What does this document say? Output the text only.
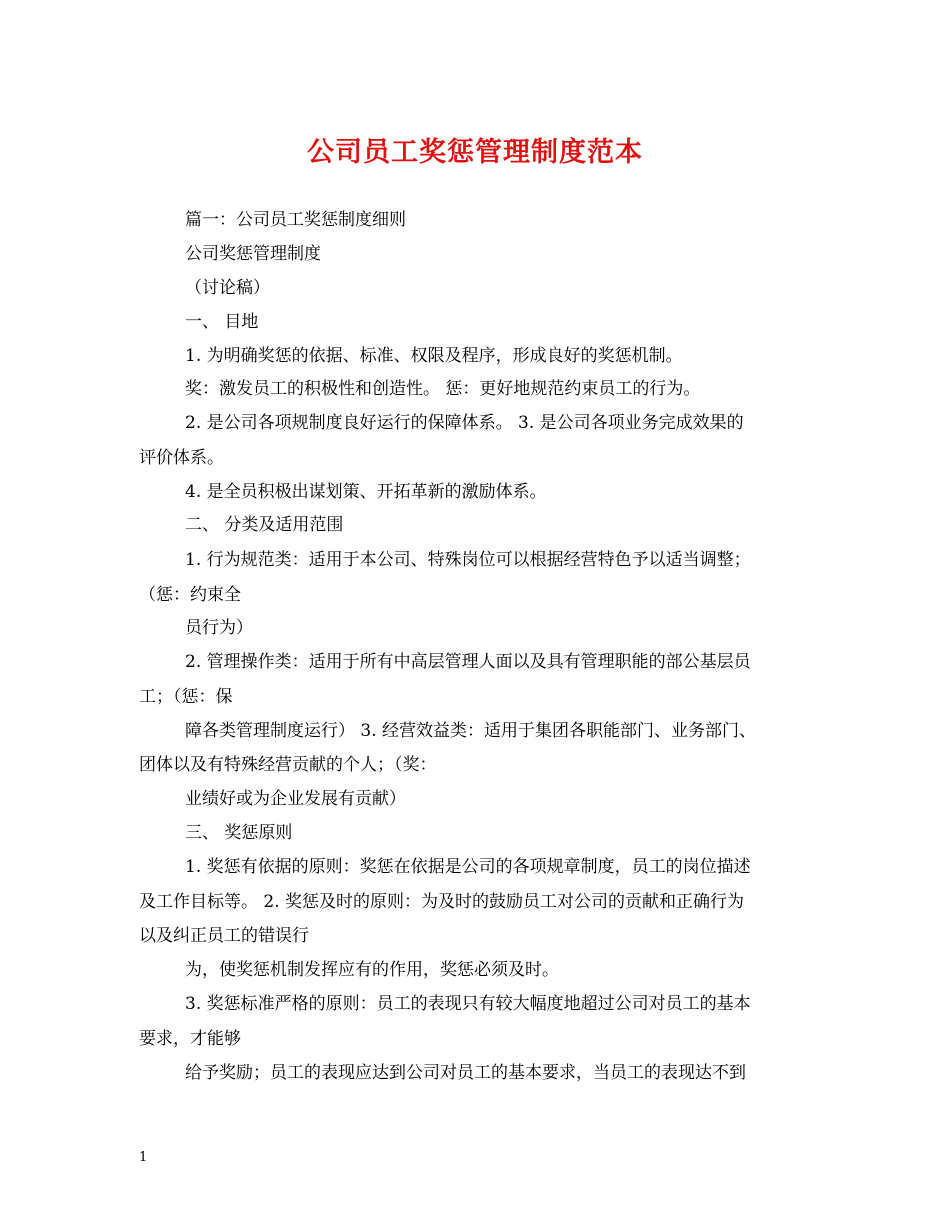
公司员工奖惩管理制度范本
篇一：公司员工奖惩制度细则
公司奖惩管理制度
（讨论稿）
一、 目地
1. 为明确奖惩的依据、标准、权限及程序，形成良好的奖惩机制。
奖：激发员工的积极性和创造性。 惩：更好地规范约束员工的行为。
2. 是公司各项规制度良好运行的保障体系。 3. 是公司各项业务完成效果的
评价体系。
4. 是全员积极出谋划策、开拓革新的激励体系。
二、 分类及适用范围
1. 行为规范类：适用于本公司、特殊岗位可以根据经营特色予以适当调整；
（惩：约束全
员行为）
2. 管理操作类：适用于所有中高层管理人面以及具有管理职能的部公基层员
工；（惩：保
障各类管理制度运行） 3. 经营效益类：适用于集团各职能部门、业务部门、
团体以及有特殊经营贡献的个人；（奖：
业绩好或为企业发展有贡献）
三、 奖惩原则
1. 奖惩有依据的原则：奖惩在依据是公司的各项规章制度，员工的岗位描述
及工作目标等。 2. 奖惩及时的原则：为及时的鼓励员工对公司的贡献和正确行为
以及纠正员工的错误行
为，使奖惩机制发挥应有的作用，奖惩必须及时。
3. 奖惩标准严格的原则：员工的表现只有较大幅度地超过公司对员工的基本
要求，才能够
给予奖励；员工的表现应达到公司对员工的基本要求，当员工的表现达不到
1
